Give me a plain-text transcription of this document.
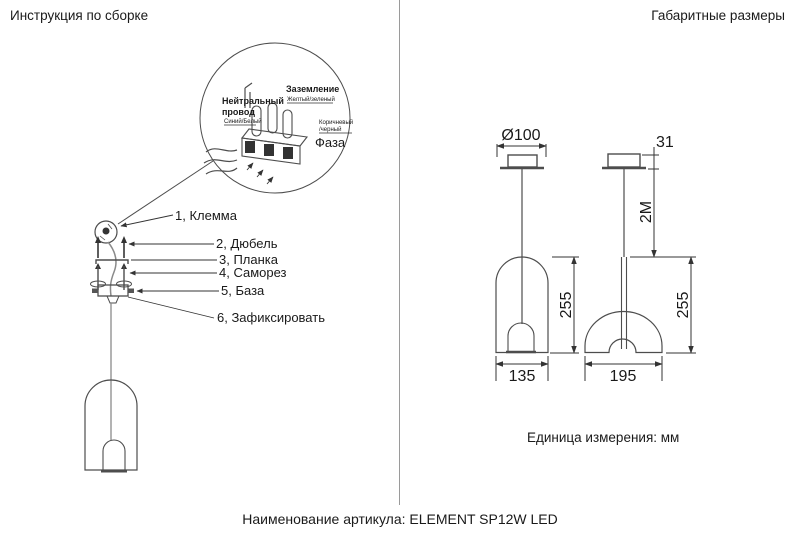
Инструкция по сборке	Габаритные размеры
Нейтральный
провод
Синий/Белый
Заземление
Желтый/зеленый
Коричневый
/черный
Фаза
1, Клемма
2, Дюбель
3, Планка
4, Саморез
5, База
6, Зафиксировать
Ø100
255
135
31
2M
255
195
Единица измерения: мм
Наименование артикула: ELEMENT SP12W LED
